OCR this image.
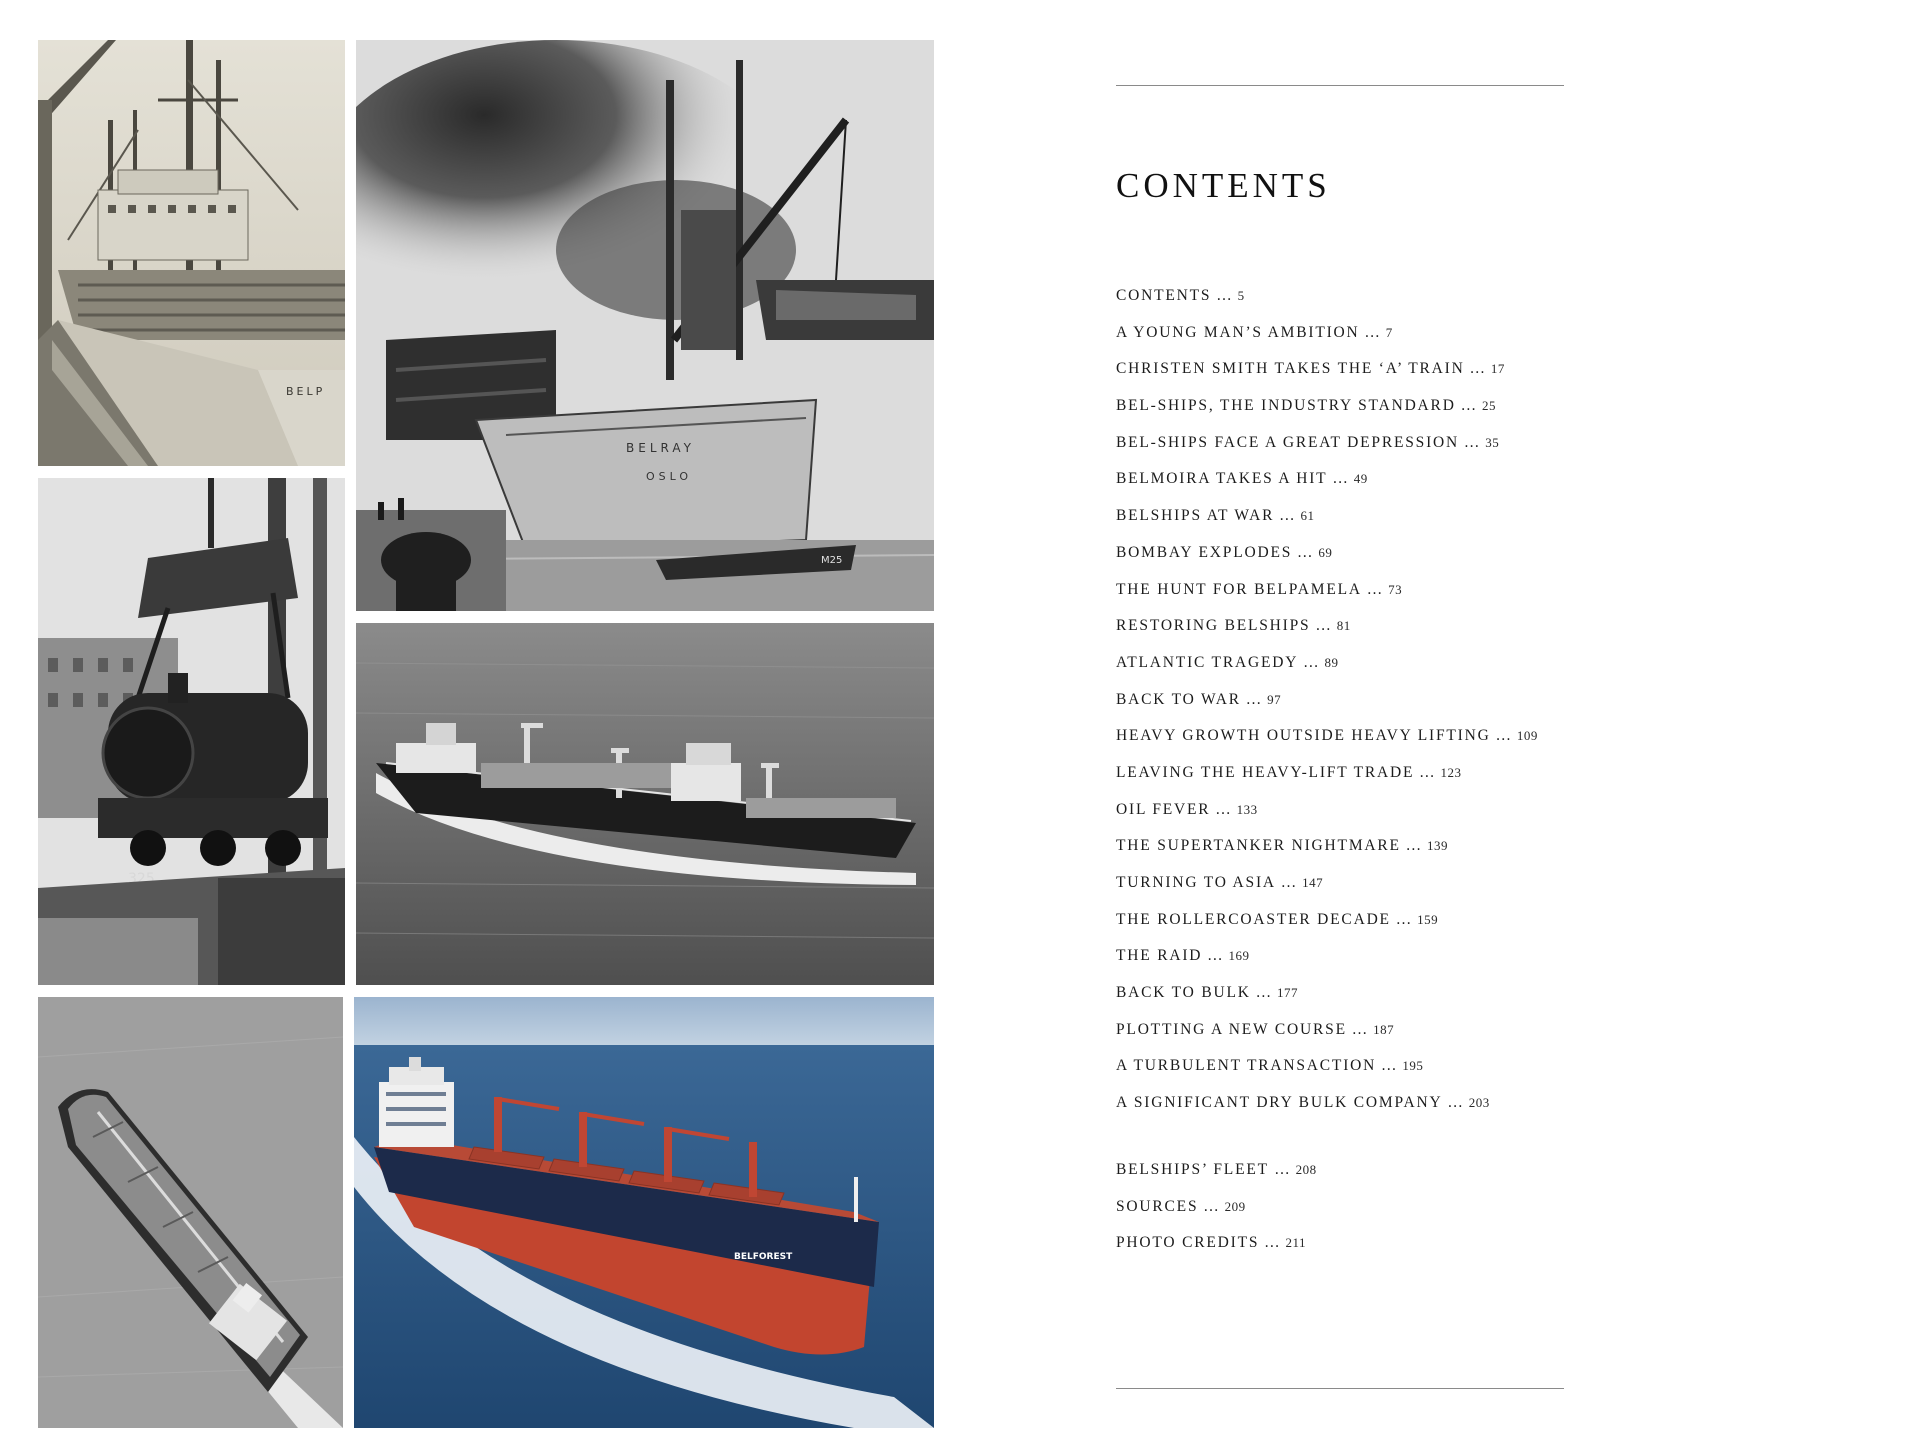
BELP
BELRAY
OSLO
M25
325
BELFOREST
CONTENTS
CONTENTS … 5
A YOUNG MAN’S AMBITION … 7
CHRISTEN SMITH TAKES THE ‘A’ TRAIN … 17
BEL-SHIPS, THE INDUSTRY STANDARD … 25
BEL-SHIPS FACE A GREAT DEPRESSION … 35
BELMOIRA TAKES A HIT … 49
BELSHIPS AT WAR … 61
BOMBAY EXPLODES … 69
THE HUNT FOR BELPAMELA … 73
RESTORING BELSHIPS … 81
ATLANTIC TRAGEDY … 89
BACK TO WAR … 97
HEAVY GROWTH OUTSIDE HEAVY LIFTING … 109
LEAVING THE HEAVY-LIFT TRADE … 123
OIL FEVER … 133
THE SUPERTANKER NIGHTMARE … 139
TURNING TO ASIA … 147
THE ROLLERCOASTER DECADE … 159
THE RAID … 169
BACK TO BULK … 177
PLOTTING A NEW COURSE … 187
A TURBULENT TRANSACTION … 195
A SIGNIFICANT DRY BULK COMPANY … 203
BELSHIPS’ FLEET … 208
SOURCES … 209
PHOTO CREDITS … 211
